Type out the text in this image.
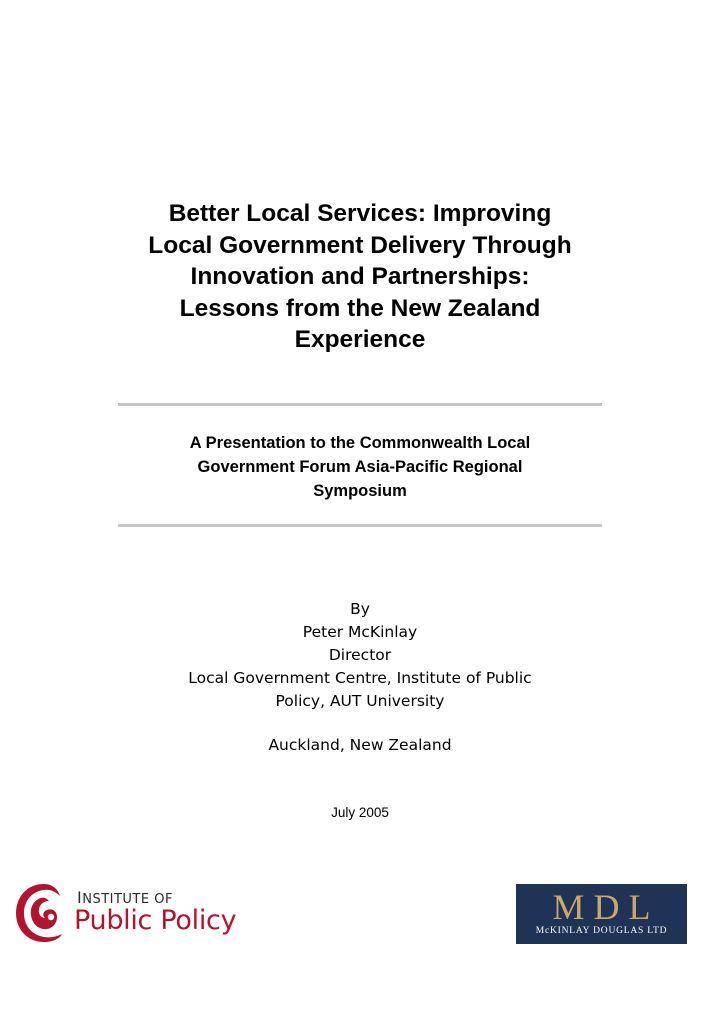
Better Local Services: Improving
Local Government Delivery Through
Innovation and Partnerships:
Lessons from the New Zealand
Experience
A Presentation to the Commonwealth Local
Government Forum Asia-Pacific Regional
Symposium
By
Peter McKinlay
Director
Local Government Centre, Institute of Public
Policy, AUT University
Auckland, New Zealand
July 2005
INSTITUTE OF
Public Policy	MDL
McKINLAY DOUGLAS LTD
